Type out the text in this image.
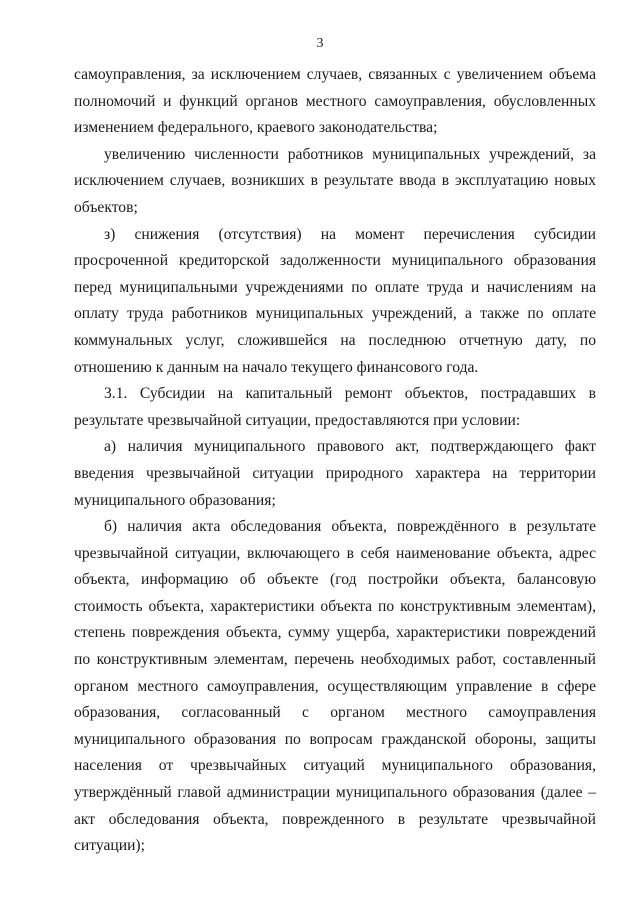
3

самоуправления, за исключением случаев, связанных с увеличением объема полномочий и функций органов местного самоуправления, обусловленных изменением федерального, краевого законодательства;

увеличению численности работников муниципальных учреждений, за исключением случаев, возникших в результате ввода в эксплуатацию новых объектов;

з) снижения (отсутствия) на момент перечисления субсидии просроченной кредиторской задолженности муниципального образования перед муниципальными учреждениями по оплате труда и начислениям на оплату труда работников муниципальных учреждений, а также по оплате коммунальных услуг, сложившейся на последнюю отчетную дату, по отношению к данным на начало текущего финансового года.

3.1. Субсидии на капитальный ремонт объектов, пострадавших в результате чрезвычайной ситуации, предоставляются при условии:

а) наличия муниципального правового акт, подтверждающего факт введения чрезвычайной ситуации природного характера на территории муниципального образования;

б) наличия акта обследования объекта, повреждённого в результате чрезвычайной ситуации, включающего в себя наименование объекта, адрес объекта, информацию об объекте (год постройки объекта, балансовую стоимость объекта, характеристики объекта по конструктивным элементам), степень повреждения объекта, сумму ущерба, характеристики повреждений по конструктивным элементам, перечень необходимых работ, составленный органом местного самоуправления, осуществляющим управление в сфере образования, согласованный с органом местного самоуправления муниципального образования по вопросам гражданской обороны, защиты населения от чрезвычайных ситуаций муниципального образования, утверждённый главой администрации муниципального образования (далее – акт обследования объекта, поврежденного в результате чрезвычайной ситуации);
